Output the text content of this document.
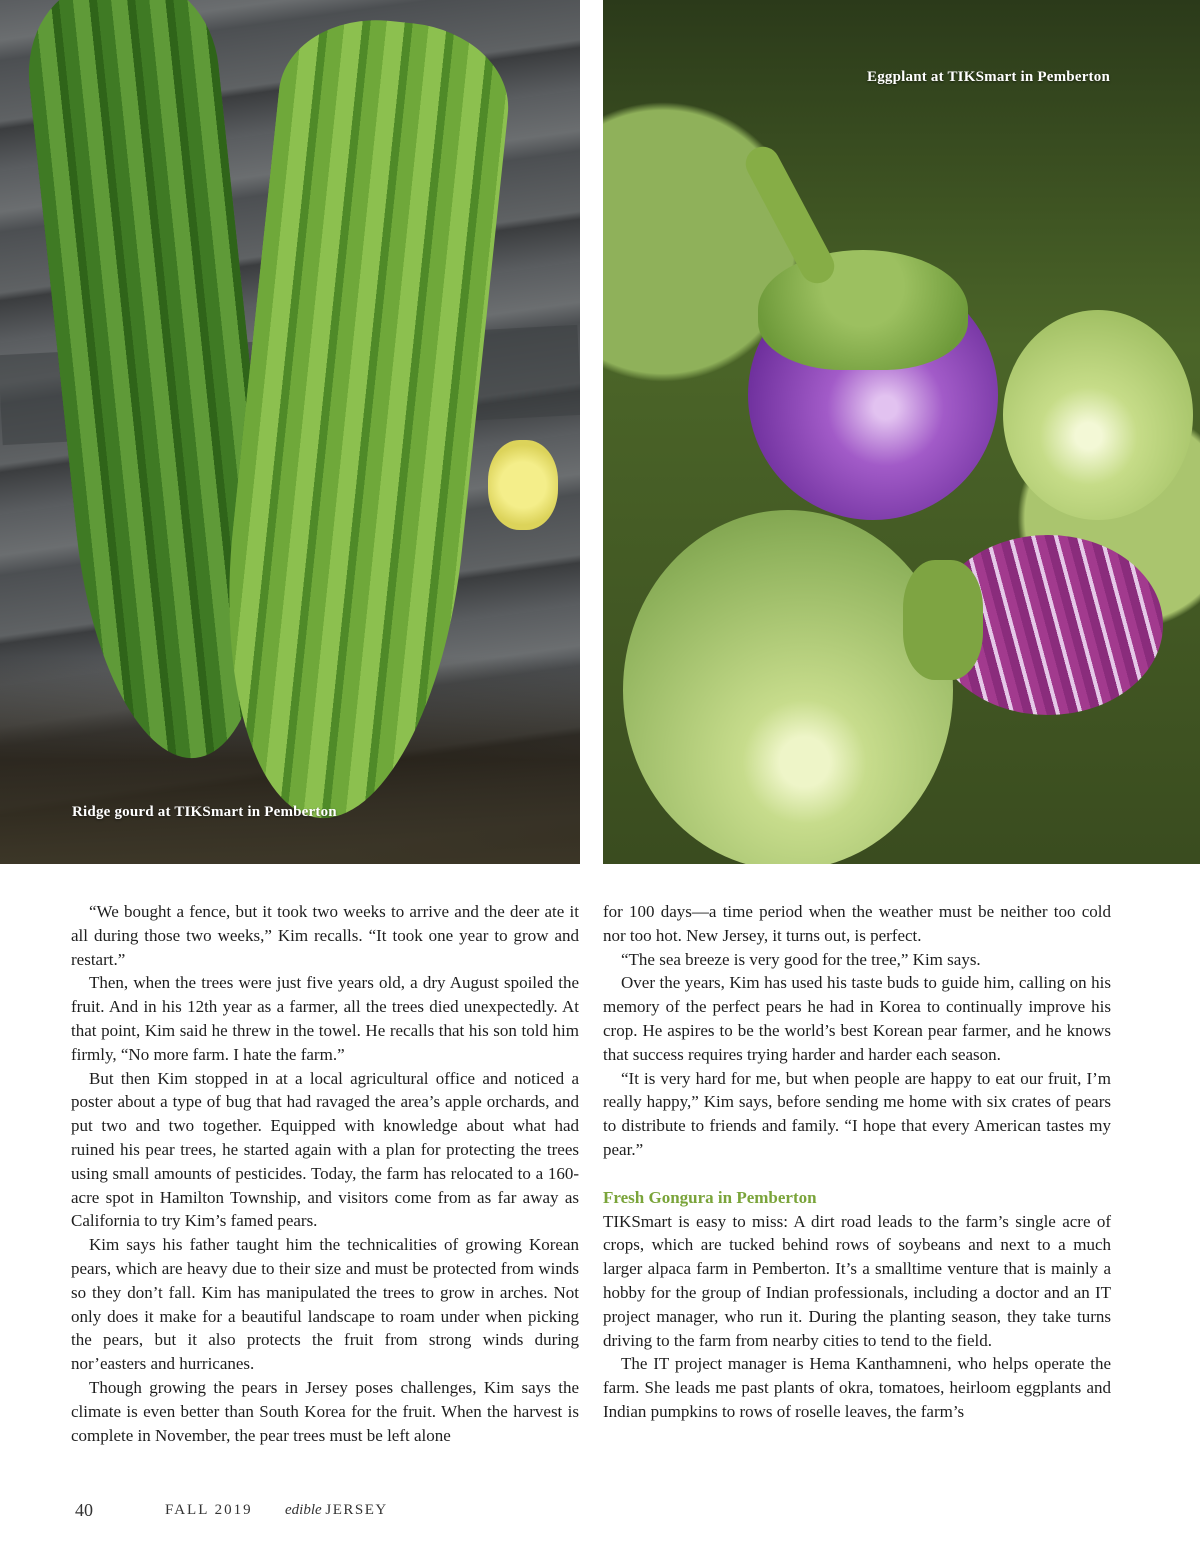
Ridge gourd at TIKSmart in Pemberton
Eggplant at TIKSmart in Pemberton

“We bought a fence, but it took two weeks to arrive and the deer ate it all during those two weeks,” Kim recalls. “It took one year to grow and restart.”

Then, when the trees were just five years old, a dry August spoiled the fruit. And in his 12th year as a farmer, all the trees died unexpectedly. At that point, Kim said he threw in the towel. He recalls that his son told him firmly, “No more farm. I hate the farm.”

But then Kim stopped in at a local agricultural office and noticed a poster about a type of bug that had ravaged the area’s apple orchards, and put two and two together. Equipped with knowledge about what had ruined his pear trees, he started again with a plan for protecting the trees using small amounts of pesticides. Today, the farm has relocated to a 160-acre spot in Hamilton Township, and visitors come from as far away as California to try Kim’s famed pears.

Kim says his father taught him the technicalities of growing Korean pears, which are heavy due to their size and must be protected from winds so they don’t fall. Kim has manipulated the trees to grow in arches. Not only does it make for a beautiful landscape to roam under when picking the pears, but it also protects the fruit from strong winds during nor’easters and hurricanes.

Though growing the pears in Jersey poses challenges, Kim says the climate is even better than South Korea for the fruit. When the harvest is complete in November, the pear trees must be left alone

for 100 days—a time period when the weather must be neither too cold nor too hot. New Jersey, it turns out, is perfect.

“The sea breeze is very good for the tree,” Kim says.

Over the years, Kim has used his taste buds to guide him, calling on his memory of the perfect pears he had in Korea to continually improve his crop. He aspires to be the world’s best Korean pear farmer, and he knows that success requires trying harder and harder each season.

“It is very hard for me, but when people are happy to eat our fruit, I’m really happy,” Kim says, before sending me home with six crates of pears to distribute to friends and family. “I hope that every American tastes my pear.”

Fresh Gongura in Pemberton

TIKSmart is easy to miss: A dirt road leads to the farm’s single acre of crops, which are tucked behind rows of soybeans and next to a much larger alpaca farm in Pemberton. It’s a smalltime venture that is mainly a hobby for the group of Indian professionals, including a doctor and an IT project manager, who run it. During the planting season, they take turns driving to the farm from nearby cities to tend to the field.

The IT project manager is Hema Kanthamneni, who helps operate the farm. She leads me past plants of okra, tomatoes, heirloom eggplants and Indian pumpkins to rows of roselle leaves, the farm’s

40	FALL 2019 edible JERSEY
